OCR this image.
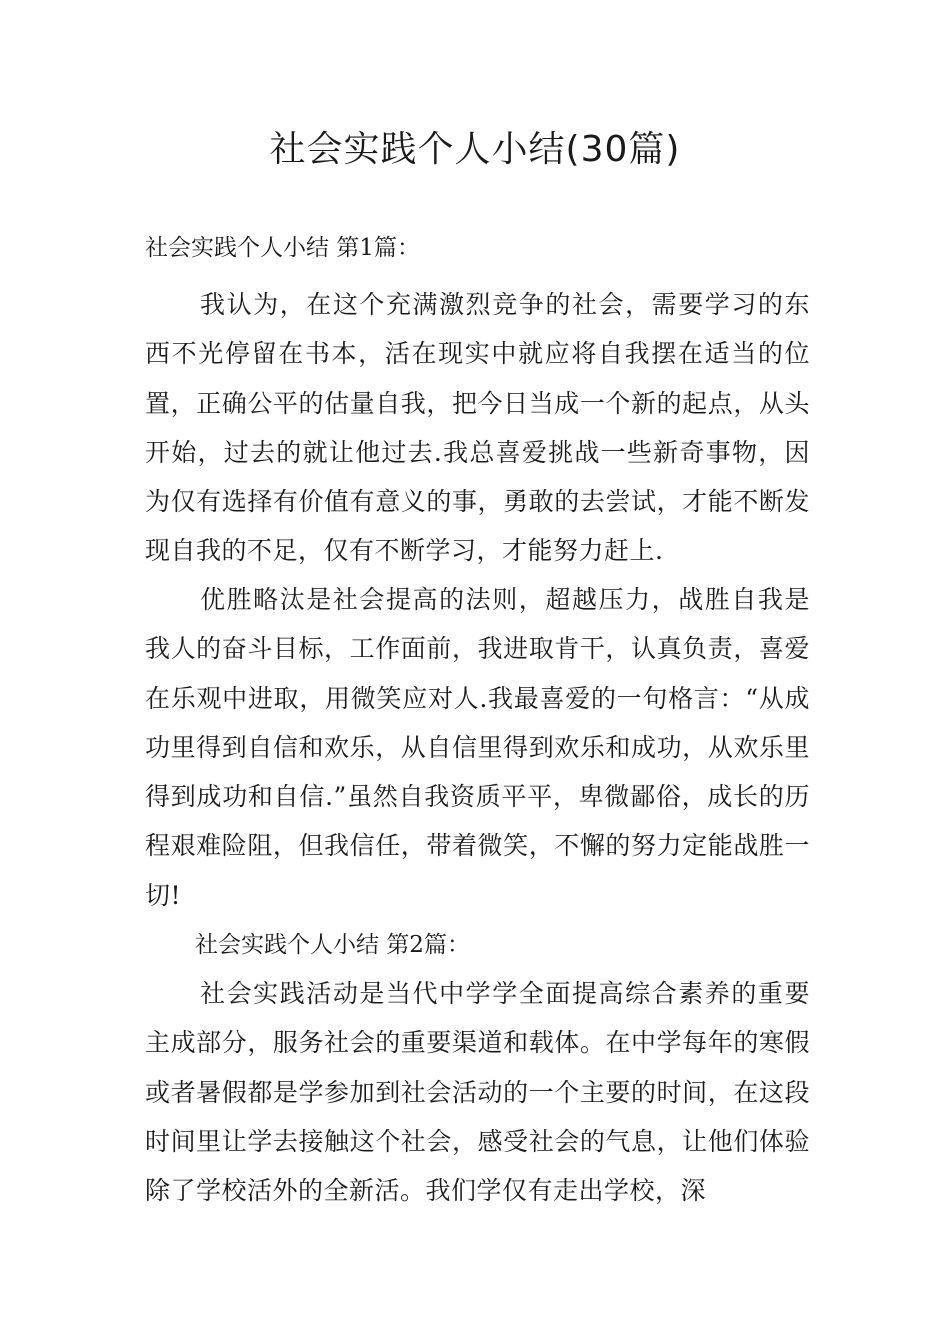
社会实践个人小结(30篇)

社会实践个人小结 第1篇：

我认为，在这个充满激烈竞争的社会，需要学习的东西不光停留在书本，活在现实中就应将自我摆在适当的位置，正确公平的估量自我，把今日当成一个新的起点，从头开始，过去的就让他过去.我总喜爱挑战一些新奇事物，因为仅有选择有价值有意义的事，勇敢的去尝试，才能不断发现自我的不足，仅有不断学习，才能努力赶上.

优胜略汰是社会提高的法则，超越压力，战胜自我是我人的奋斗目标，工作面前，我进取肯干，认真负责，喜爱在乐观中进取，用微笑应对人.我最喜爱的一句格言：“从成功里得到自信和欢乐，从自信里得到欢乐和成功，从欢乐里得到成功和自信.”虽然自我资质平平，卑微鄙俗，成长的历程艰难险阻，但我信任，带着微笑，不懈的努力定能战胜一切!

社会实践个人小结 第2篇：

社会实践活动是当代中学学全面提高综合素养的重要主成部分，服务社会的重要渠道和载体。在中学每年的寒假或者暑假都是学参加到社会活动的一个主要的时间，在这段时间里让学去接触这个社会，感受社会的气息，让他们体验除了学校活外的全新活。我们学仅有走出学校，深
